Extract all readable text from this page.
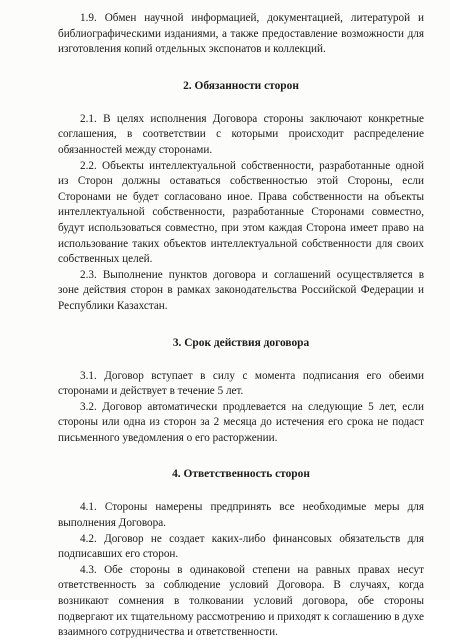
1.9. Обмен научной информацией, документацией, литературой и библиографическими изданиями, а также предоставление возможности для изготовления копий отдельных экспонатов и коллекций.

2. Обязанности сторон

2.1. В целях исполнения Договора стороны заключают конкретные соглашения, в соответствии с которыми происходит распределение обязанностей между сторонами.

2.2. Объекты интеллектуальной собственности, разработанные одной из Сторон должны оставаться собственностью этой Стороны, если Сторонами не будет согласовано иное. Права собственности на объекты интеллектуальной собственности, разработанные Сторонами совместно, будут использоваться совместно, при этом каждая Сторона имеет право на использование таких объектов интеллектуальной собственности для своих собственных целей.

2.3. Выполнение пунктов договора и соглашений осуществляется в зоне действия сторон в рамках законодательства Российской Федерации и Республики Казахстан.

3. Срок действия договора

3.1. Договор вступает в силу с момента подписания его обеими сторонами и действует в течение 5 лет.

3.2. Договор автоматически продлевается на следующие 5 лет, если стороны или одна из сторон за 2 месяца до истечения его срока не подаст письменного уведомления о его расторжении.

4. Ответственность сторон

4.1. Стороны намерены предпринять все необходимые меры для выполнения Договора.

4.2. Договор не создает каких-либо финансовых обязательств для подписавших его сторон.

4.3. Обе стороны в одинаковой степени на равных правах несут ответственность за соблюдение условий Договора. В случаях, когда возникают сомнения в толковании условий договора, обе стороны подвергают их тщательному рассмотрению и приходят к соглашению в духе взаимного сотрудничества и ответственности.
